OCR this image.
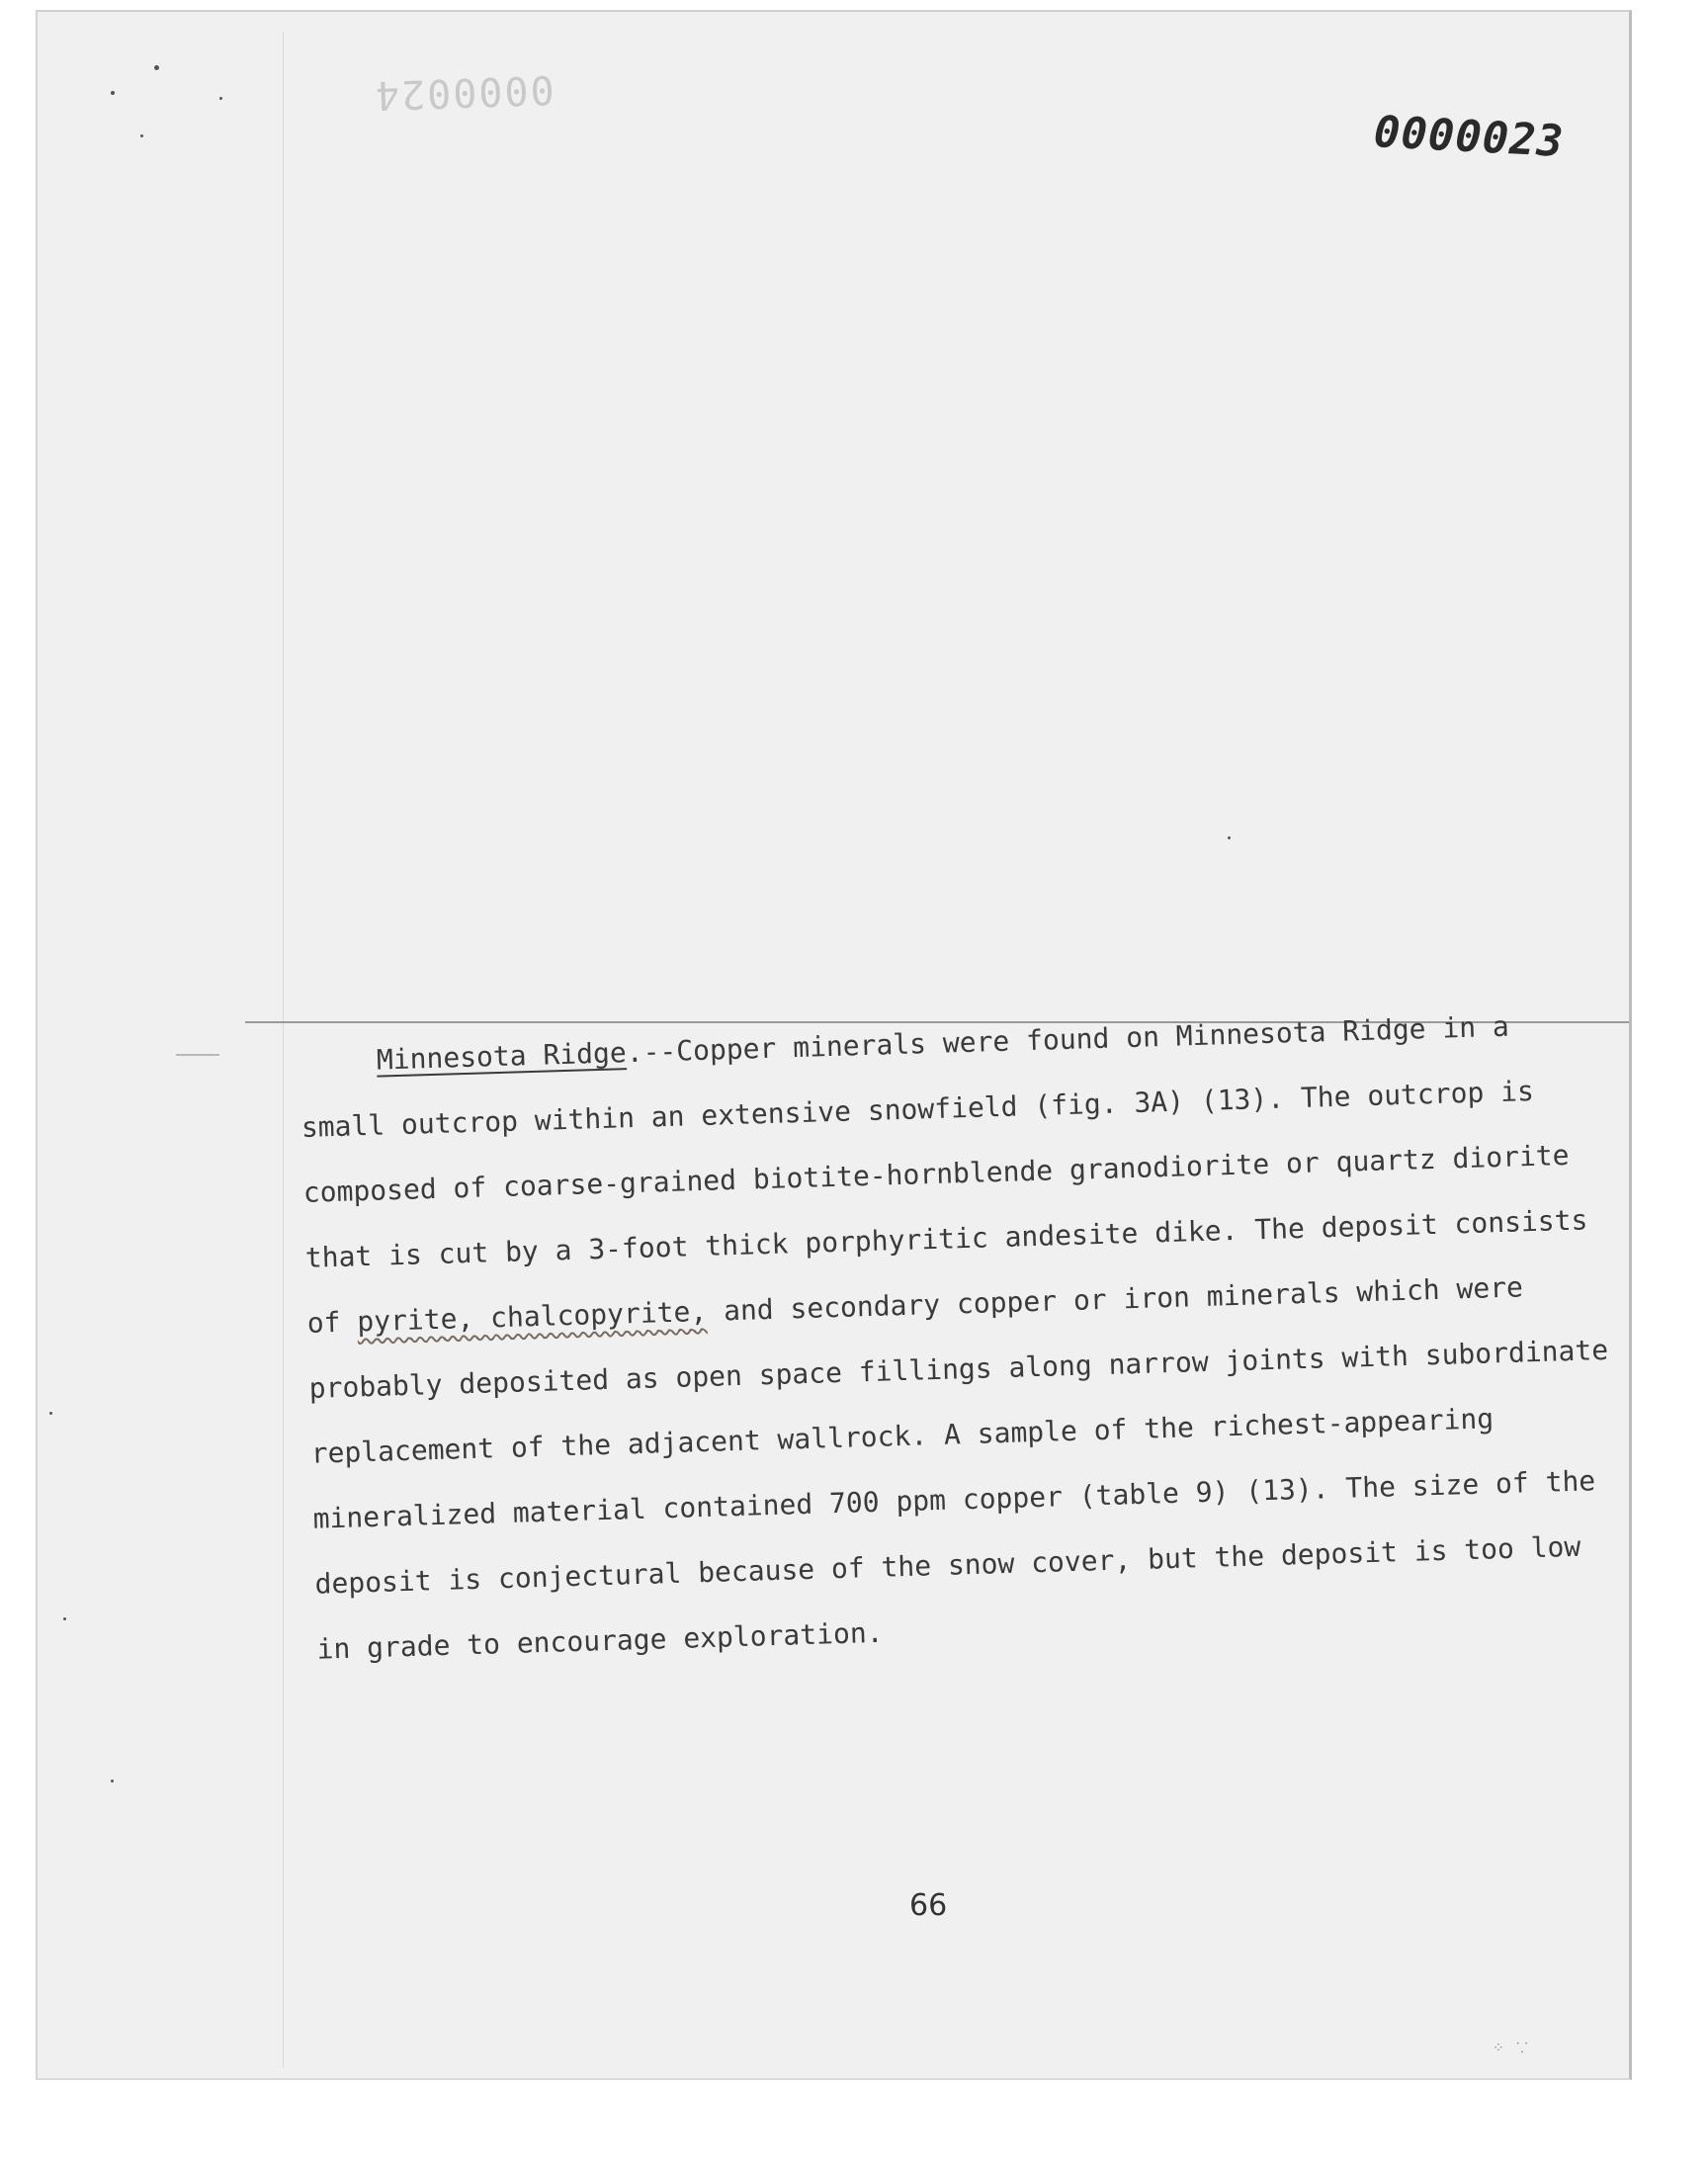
0000024
0000023
Minnesota Ridge.--Copper minerals were found on Minnesota Ridge in a
small outcrop within an extensive snowfield (fig. 3A) (13). The outcrop is
composed of coarse-grained biotite-hornblende granodiorite or quartz diorite
that is cut by a 3-foot thick porphyritic andesite dike. The deposit consists
of pyrite, chalcopyrite, and secondary copper or iron minerals which were
probably deposited as open space fillings along narrow joints with subordinate
replacement of the adjacent wallrock. A sample of the richest-appearing
mineralized material contained 700 ppm copper (table 9) (13). The size of the
deposit is conjectural because of the snow cover, but the deposit is too low
in grade to encourage exploration.
66
⁘ ⸪
